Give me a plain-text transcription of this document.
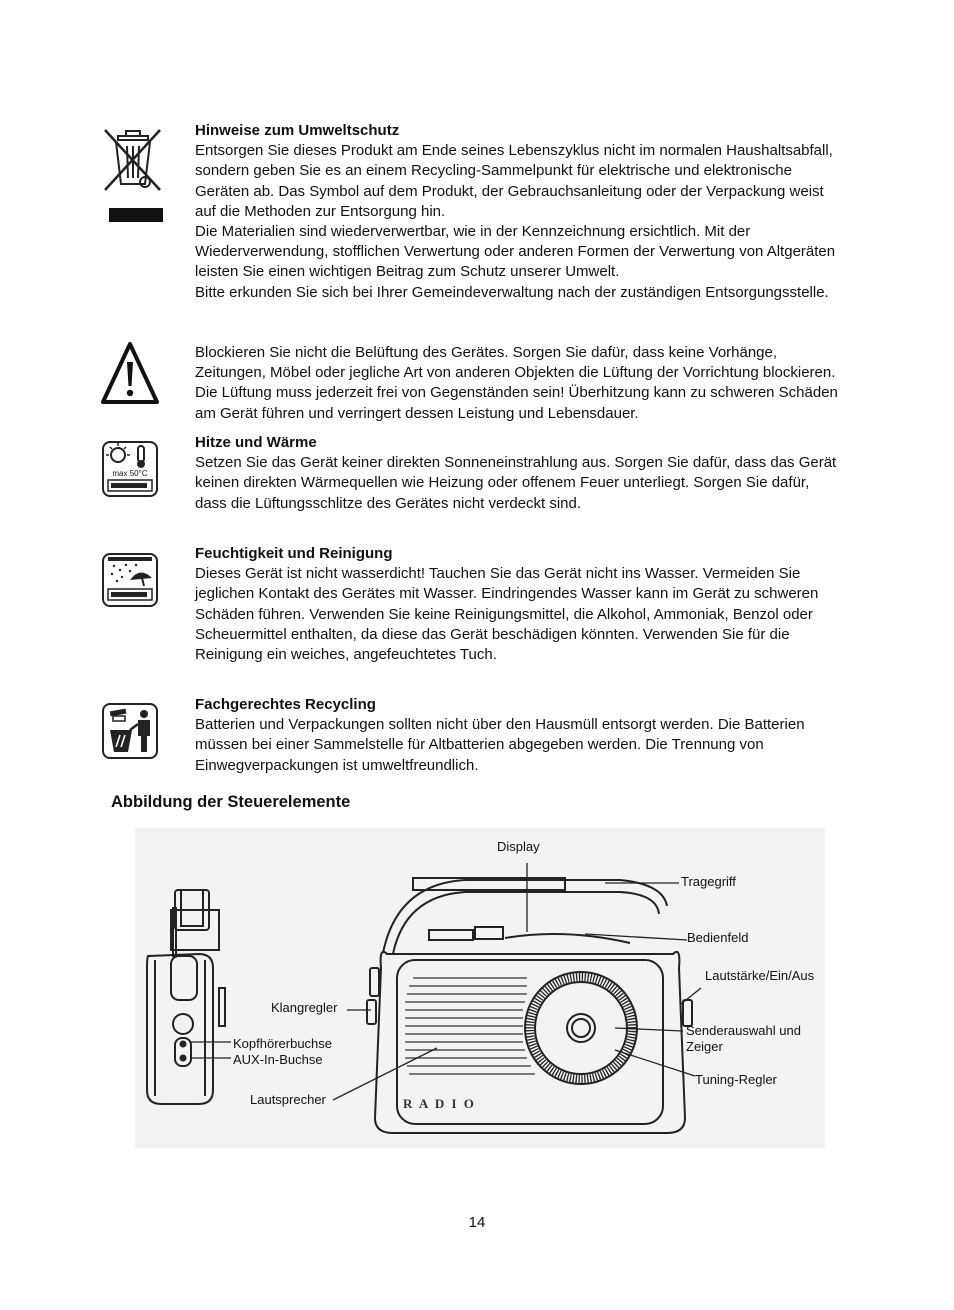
Hinweise zum Umweltschutz

Entsorgen Sie dieses Produkt am Ende seines Lebenszyklus nicht im normalen Haushaltsabfall, sondern geben Sie es an einem Recycling-Sammelpunkt für elektrische und elektronische Geräten ab. Das Symbol auf dem Produkt, der Gebrauchsanleitung oder der Verpackung weist auf die Methoden zur Entsorgung hin.

Die Materialien sind wiederverwertbar, wie in der Kennzeichnung ersichtlich. Mit der Wiederverwendung, stofflichen Verwertung oder anderen Formen der Verwertung von Altgeräten leisten Sie einen wichtigen Beitrag zum Schutz unserer Umwelt.

Bitte erkunden Sie sich bei Ihrer Gemeindeverwaltung nach der zuständigen Entsorgungsstelle.

Blockieren Sie nicht die Belüftung des Gerätes. Sorgen Sie dafür, dass keine Vorhänge, Zeitungen, Möbel oder jegliche Art von anderen Objekten die Lüftung der Vorrichtung blockieren. Die Lüftung muss jederzeit frei von Gegenständen sein! Überhitzung kann zu schweren Schäden am Gerät führen und verringert dessen Leistung und Lebensdauer.

max 50°C

Hitze und Wärme

Setzen Sie das Gerät keiner direkten Sonneneinstrahlung aus. Sorgen Sie dafür, dass das Gerät keinen direkten Wärmequellen wie Heizung oder offenem Feuer unterliegt. Sorgen Sie dafür, dass die Lüftungsschlitze des Gerätes nicht verdeckt sind.

Feuchtigkeit und Reinigung

Dieses Gerät ist nicht wasserdicht! Tauchen Sie das Gerät nicht ins Wasser. Vermeiden Sie jeglichen Kontakt des Gerätes mit Wasser. Eindringendes Wasser kann im Gerät zu schweren Schäden führen. Verwenden Sie keine Reinigungsmittel, die Alkohol, Ammoniak, Benzol oder Scheuermittel enthalten, da diese das Gerät beschädigen könnten. Verwenden Sie für die Reinigung ein weiches, angefeuchtetes Tuch.

Fachgerechtes Recycling

Batterien und Verpackungen sollten nicht über den Hausmüll entsorgt werden. Die Batterien müssen bei einer Sammelstelle für Altbatterien abgegeben werden. Die Trennung von Einwegverpackungen ist umweltfreundlich.

Abbildung der Steuerelemente
R A D I O
Display
Tragegriff
Bedienfeld
Lautstärke/Ein/Aus
Klangregler
Senderauswahl und
Zeiger
Kopfhörerbuchse
AUX-In-Buchse
Tuning-Regler
Lautsprecher
14
